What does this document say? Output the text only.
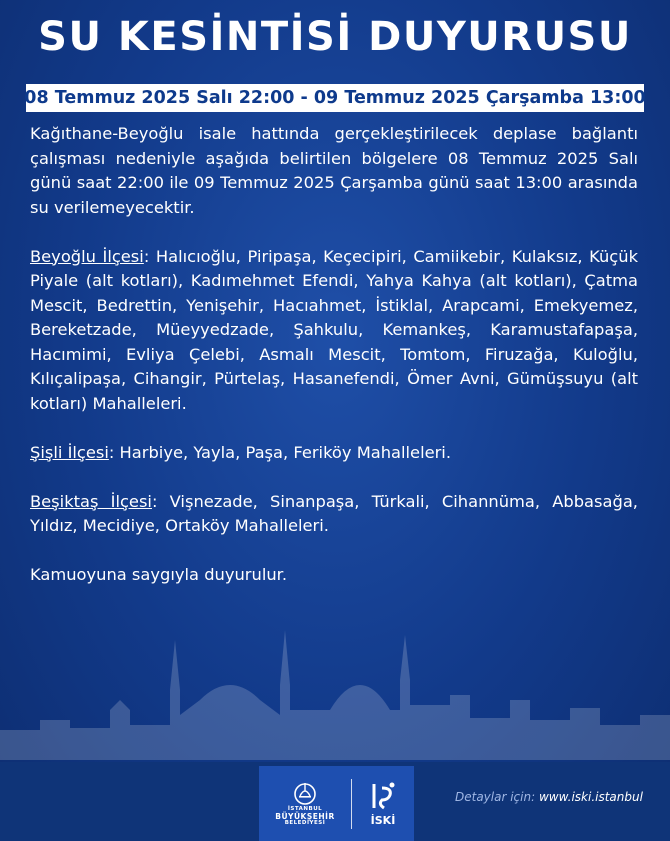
SU KESİNTİSİ DUYURUSU
08 Temmuz 2025 Salı 22:00 - 09 Temmuz 2025 Çarşamba 13:00

Kağıthane-Beyoğlu isale hattında gerçekleştirilecek deplase bağlantı çalışması nedeniyle aşağıda belirtilen bölgelere 08 Temmuz 2025 Salı günü saat 22:00 ile 09 Temmuz 2025 Çarşamba günü saat 13:00 arasında su verilemeyecektir.

Beyoğlu İlçesi: Halıcıoğlu, Piripaşa, Keçecipiri, Camiikebir, Kulaksız, Küçük Piyale (alt kotları), Kadımehmet Efendi, Yahya Kahya (alt kotları), Çatma Mescit, Bedrettin, Yenişehir, Hacıahmet, İstiklal, Arapcami, Emekyemez, Bereketzade, Müeyyedzade, Şahkulu, Kemankeş, Karamustafapaşa, Hacımimi, Evliya Çelebi, Asmalı Mescit, Tomtom, Firuzağa, Kuloğlu, Kılıçalipaşa, Cihangir, Pürtelaş, Hasanefendi, Ömer Avni, Gümüşsuyu (alt kotları) Mahalleleri.

Şişli İlçesi: Harbiye, Yayla, Paşa, Feriköy Mahalleleri.

Beşiktaş İlçesi: Vişnezade, Sinanpaşa, Türkali, Cihannüma, Abbasağa, Yıldız, Mecidiye, Ortaköy Mahalleleri.

Kamuoyuna saygıyla duyurulur.

İSTANBUL
BÜYÜKŞEHİR
BELEDİYESİ	İSKİ
Detaylar için: www.iski.istanbul
